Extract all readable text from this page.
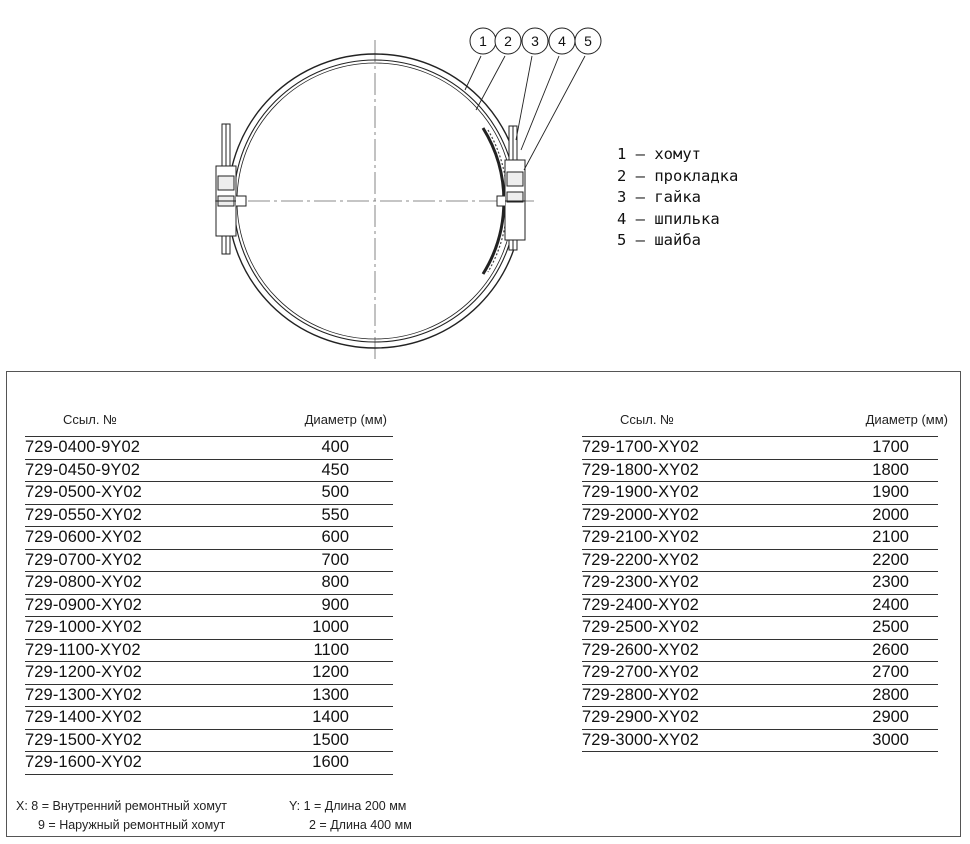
1 2 3 4 5
1 – хомут
2 – прокладка
3 – гайка
4 – шпилька
5 – шайба
Ссыл. №	Диаметр (мм)
729-0400-9Y02	400
729-0450-9Y02	450
729-0500-XY02	500
729-0550-XY02	550
729-0600-XY02	600
729-0700-XY02	700
729-0800-XY02	800
729-0900-XY02	900
729-1000-XY02	1000
729-1100-XY02	1100
729-1200-XY02	1200
729-1300-XY02	1300
729-1400-XY02	1400
729-1500-XY02	1500
729-1600-XY02	1600
Ссыл. №	Диаметр (мм)
729-1700-XY02	1700
729-1800-XY02	1800
729-1900-XY02	1900
729-2000-XY02	2000
729-2100-XY02	2100
729-2200-XY02	2200
729-2300-XY02	2300
729-2400-XY02	2400
729-2500-XY02	2500
729-2600-XY02	2600
729-2700-XY02	2700
729-2800-XY02	2800
729-2900-XY02	2900
729-3000-XY02	3000
X: 8 = Внутренний ремонтный хомут
9 = Наружный ремонтный хомут
Y: 1 = Длина 200 мм
2 = Длина 400 мм
